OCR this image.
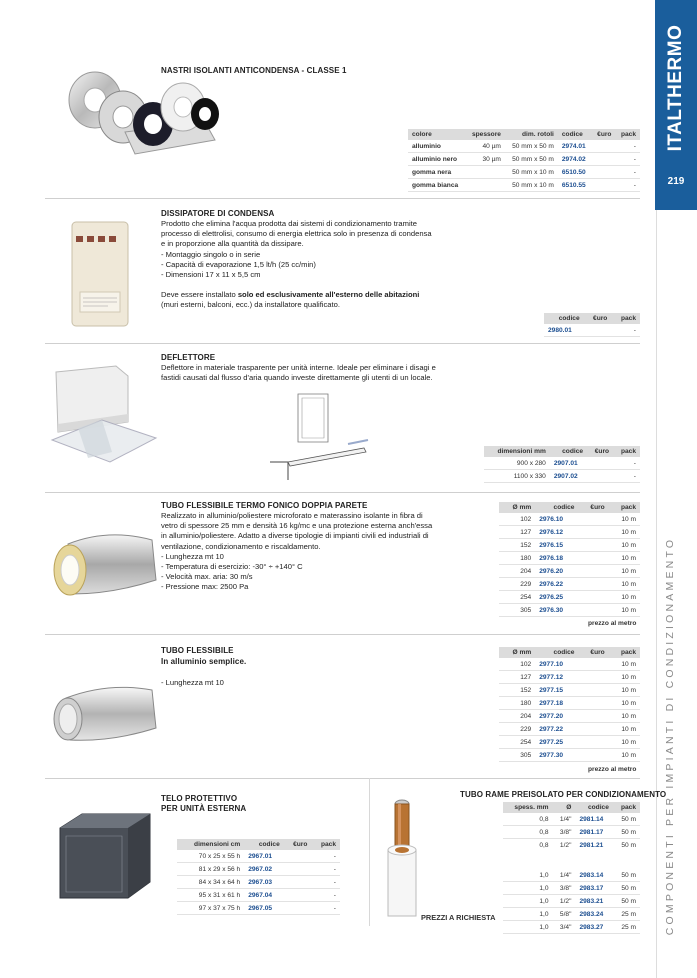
ITALTHERMO
219
COMPONENTI PER IMPIANTI DI CONDIZIONAMENTO
NASTRI ISOLANTI ANTICONDENSA - CLASSE 1
colore	spessore	dim. rotoli	codice	€uro	pack
alluminio	40 µm	50 mm x 50 m	2974.01		-
alluminio nero	30 µm	50 mm x 50 m	2974.02		-
gomma nera		50 mm x 10 m	6510.50		-
gomma bianca		50 mm x 10 m	6510.55		-
DISSIPATORE DI CONDENSA
Prodotto che elimina l'acqua prodotta dai sistemi di condizionamento tramite
processo di elettrolisi, consumo di energia elettrica solo in presenza di condensa
e in proporzione alla quantità da dissipare.
- Montaggio singolo o in serie
- Capacità di evaporazione 1,5 lt/h (25 cc/min)
- Dimensioni 17 x 11 x 5,5 cm
Deve essere installato solo ed esclusivamente all'esterno delle abitazioni
(muri esterni, balconi, ecc.) da installatore qualificato.
codice	€uro	pack
2980.01		-
DEFLETTORE
Deflettore in materiale trasparente per unità interne. Ideale per eliminare i disagi e
fastidi causati dal flusso d'aria quando investe direttamente gli utenti di un locale.
dimensioni mm	codice	€uro	pack
900 x 280	2907.01		-
1100 x 330	2907.02		-
TUBO FLESSIBILE TERMO FONICO DOPPIA PARETE
Realizzato in alluminio/poliestere microforato e materassino isolante in fibra di
vetro di spessore 25 mm e densità 16 kg/mc e una protezione esterna anch'essa
in alluminio/poliestere. Adatto a diverse tipologie di impianti civili ed industriali di
ventilazione, condizionamento e riscaldamento.
- Lunghezza mt 10
- Temperatura di esercizio: -30° ÷ +140° C
- Velocità max. aria: 30 m/s
- Pressione max: 2500 Pa
Ø mm	codice	€uro	pack
102	2976.10		10 m
127	2976.12		10 m
152	2976.15		10 m
180	2976.18		10 m
204	2976.20		10 m
229	2976.22		10 m
254	2976.25		10 m
305	2976.30		10 m
prezzo al metro
TUBO FLESSIBILE
In alluminio semplice.
- Lunghezza mt 10
Ø mm	codice	€uro	pack
102	2977.10		10 m
127	2977.12		10 m
152	2977.15		10 m
180	2977.18		10 m
204	2977.20		10 m
229	2977.22		10 m
254	2977.25		10 m
305	2977.30		10 m
prezzo al metro
TELO PROTETTIVO
PER UNITÀ ESTERNA
dimensioni cm	codice	€uro	pack
70 x 25 x 55 h	2967.01		-
81 x 29 x 56 h	2967.02		-
84 x 34 x 64 h	2967.03		-
95 x 31 x 61 h	2967.04		-
97 x 37 x 75 h	2967.05		-
TUBO RAME PREISOLATO PER CONDIZIONAMENTO
spess. mm	Ø	codice	pack
0,8	1/4"	2981.14	50 m
0,8	3/8"	2981.17	50 m
0,8	1/2"	2981.21	50 m

1,0	1/4"	2983.14	50 m
1,0	3/8"	2983.17	50 m
1,0	1/2"	2983.21	50 m
1,0	5/8"	2983.24	25 m
1,0	3/4"	2983.27	25 m
PREZZI A RICHIESTA
